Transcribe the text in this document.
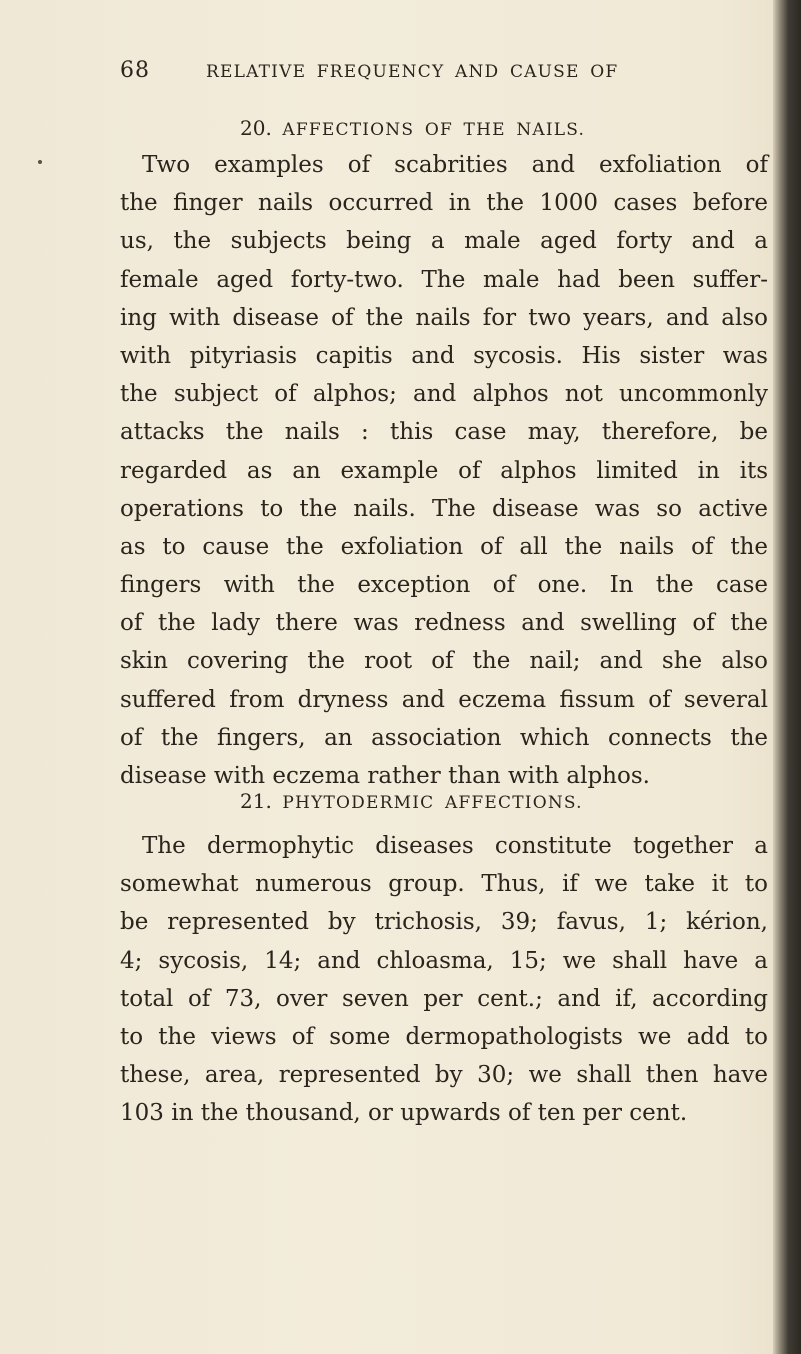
68	RELATIVE FREQUENCY AND CAUSE OF
20. AFFECTIONS OF THE NAILS.
Two examples of scabrities and exfoliation of
the finger nails occurred in the 1000 cases before
us, the subjects being a male aged forty and a
female aged forty-two. The male had been suffer-
ing with disease of the nails for two years, and also
with pityriasis capitis and sycosis. His sister was
the subject of alphos; and alphos not uncommonly
attacks the nails : this case may, therefore, be
regarded as an example of alphos limited in its
operations to the nails. The disease was so active
as to cause the exfoliation of all the nails of the
fingers with the exception of one. In the case
of the lady there was redness and swelling of the
skin covering the root of the nail; and she also
suffered from dryness and eczema fissum of several
of the fingers, an association which connects the
disease with eczema rather than with alphos.
21. PHYTODERMIC AFFECTIONS.
The dermophytic diseases constitute together a
somewhat numerous group. Thus, if we take it to
be represented by trichosis, 39; favus, 1; kérion,
4; sycosis, 14; and chloasma, 15; we shall have a
total of 73, over seven per cent.; and if, according
to the views of some dermopathologists we add to
these, area, represented by 30; we shall then have
103 in the thousand, or upwards of ten per cent.
